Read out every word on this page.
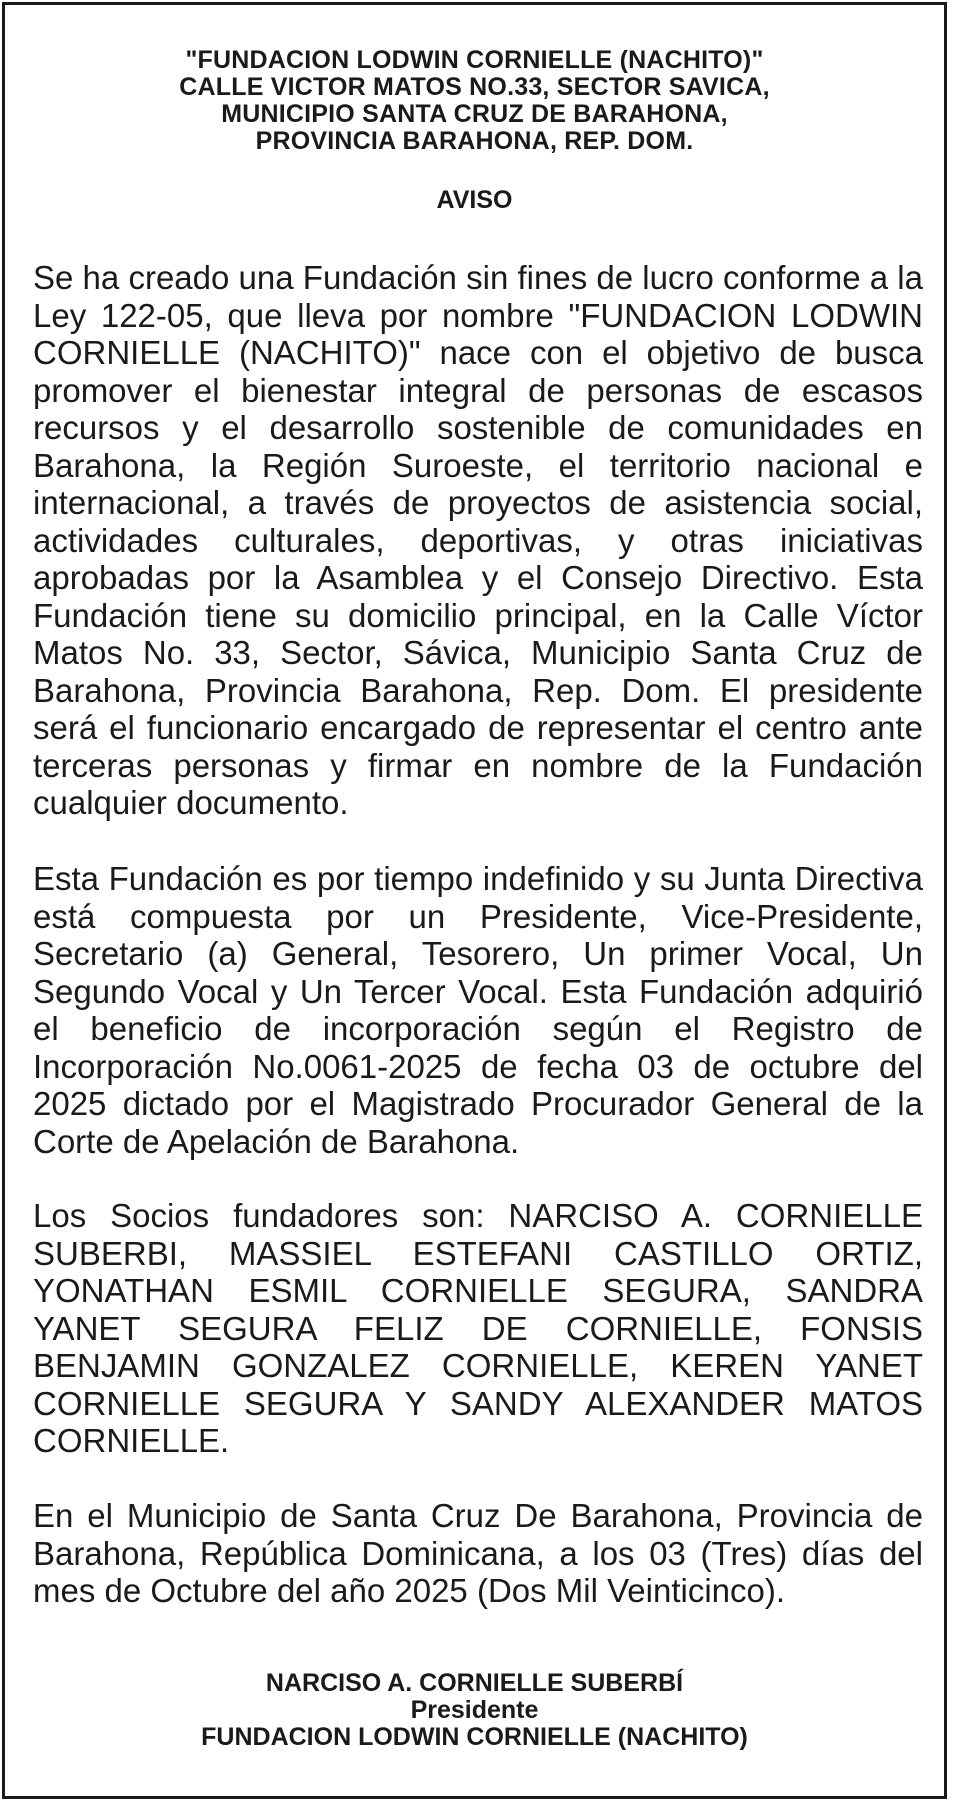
"FUNDACION LODWIN CORNIELLE (NACHITO)"
CALLE VICTOR MATOS NO.33, SECTOR SAVICA,
MUNICIPIO SANTA CRUZ DE BARAHONA,
PROVINCIA BARAHONA, REP. DOM.
AVISO

Se ha creado una Fundación sin fines de lucro conforme a la Ley 122-05, que lleva por nombre "FUNDACION LODWIN CORNIELLE (NACHITO)" nace con el objetivo de busca promover el bienestar integral de personas de escasos recursos y el desarrollo sostenible de comunidades en Barahona, la Región Suroeste, el territorio nacional e internacional, a través de proyectos de asistencia social, actividades culturales, deportivas, y otras iniciativas aprobadas por la Asamblea y el Consejo Directivo. Esta Fundación tiene su domicilio principal, en la Calle Víctor Matos No. 33, Sector, Sávica, Municipio Santa Cruz de Barahona, Provincia Barahona, Rep. Dom. El presidente será el funcionario encargado de representar el centro ante terceras personas y firmar en nombre de la Fundación cualquier documento.

Esta Fundación es por tiempo indefinido y su Junta Directiva está compuesta por un Presidente, Vice-Presidente, Secretario (a) General, Tesorero, Un primer Vocal, Un Segundo Vocal y Un Tercer Vocal. Esta Fundación adquirió el beneficio de incorporación según el Registro de Incorporación No.0061-2025 de fecha 03 de octubre del 2025 dictado por el Magistrado Procurador General de la Corte de Apelación de Barahona.

Los Socios fundadores son: NARCISO A. CORNIELLE SUBERBI, MASSIEL ESTEFANI CASTILLO ORTIZ, YONATHAN ESMIL CORNIELLE SEGURA, SANDRA YANET SEGURA FELIZ DE CORNIELLE, FONSIS BENJAMIN GONZALEZ CORNIELLE, KEREN YANET CORNIELLE SEGURA Y SANDY ALEXANDER MATOS CORNIELLE.

En el Municipio de Santa Cruz De Barahona, Provincia de Barahona, República Dominicana, a los 03 (Tres) días del mes de Octubre del año 2025 (Dos Mil Veinticinco).

NARCISO A. CORNIELLE SUBERBÍ
Presidente
FUNDACION LODWIN CORNIELLE (NACHITO)
